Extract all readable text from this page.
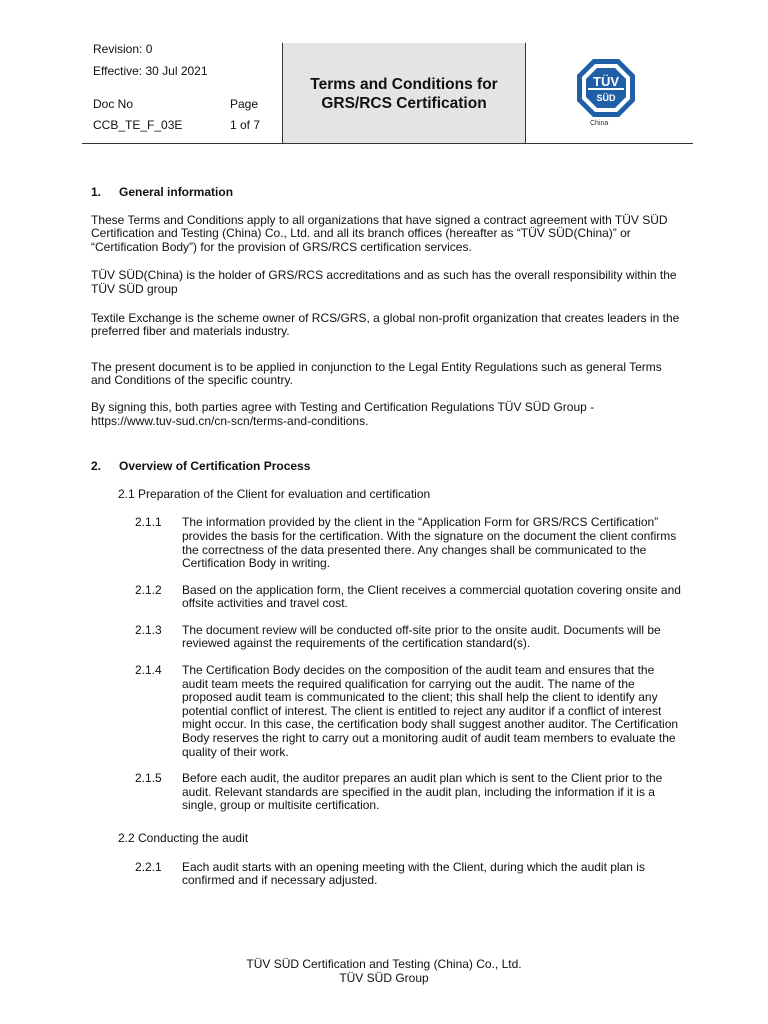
Revision: 0
Effective: 30 Jul 2021
Doc No	Page
CCB_TE_F_03E	1 of 7
Terms and Conditions for
GRS/RCS Certification
TÜV
SÜD
China
1.	General information

These Terms and Conditions apply to all organizations that have signed a contract agreement with TÜV SÜD Certification and Testing (China) Co., Ltd. and all its branch offices (hereafter as “TÜV SÜD(China)” or “Certification Body”) for the provision of GRS/RCS certification services.

TÜV SÜD(China) is the holder of GRS/RCS accreditations and as such has the overall responsibility within the TÜV SÜD group

Textile Exchange is the scheme owner of RCS/GRS, a global non-profit organization that creates leaders in the preferred fiber and materials industry.

The present document is to be applied in conjunction to the Legal Entity Regulations such as general Terms and Conditions of the specific country.

By signing this, both parties agree with Testing and Certification Regulations TÜV SÜD Group - https://www.tuv-sud.cn/cn-scn/terms-and-conditions.

2.	Overview of Certification Process

2.1 Preparation of the Client for evaluation and certification

2.1.1	The information provided by the client in the “Application Form for GRS/RCS Certification” provides the basis for the certification. With the signature on the document the client confirms the correctness of the data presented there. Any changes shall be communicated to the Certification Body in writing.
2.1.2	Based on the application form, the Client receives a commercial quotation covering onsite and offsite activities and travel cost.
2.1.3	The document review will be conducted off-site prior to the onsite audit. Documents will be reviewed against the requirements of the certification standard(s).
2.1.4	The Certification Body decides on the composition of the audit team and ensures that the audit team meets the required qualification for carrying out the audit. The name of the proposed audit team is communicated to the client; this shall help the client to identify any potential conflict of interest. The client is entitled to reject any auditor if a conflict of interest might occur. In this case, the certification body shall suggest another auditor. The Certification Body reserves the right to carry out a monitoring audit of audit team members to evaluate the quality of their work.
2.1.5	Before each audit, the auditor prepares an audit plan which is sent to the Client prior to the audit. Relevant standards are specified in the audit plan, including the information if it is a single, group or multisite certification.

2.2 Conducting the audit

2.2.1	Each audit starts with an opening meeting with the Client, during which the audit plan is confirmed and if necessary adjusted.
TÜV SÜD Certification and Testing (China) Co., Ltd.
TÜV SÜD Group
